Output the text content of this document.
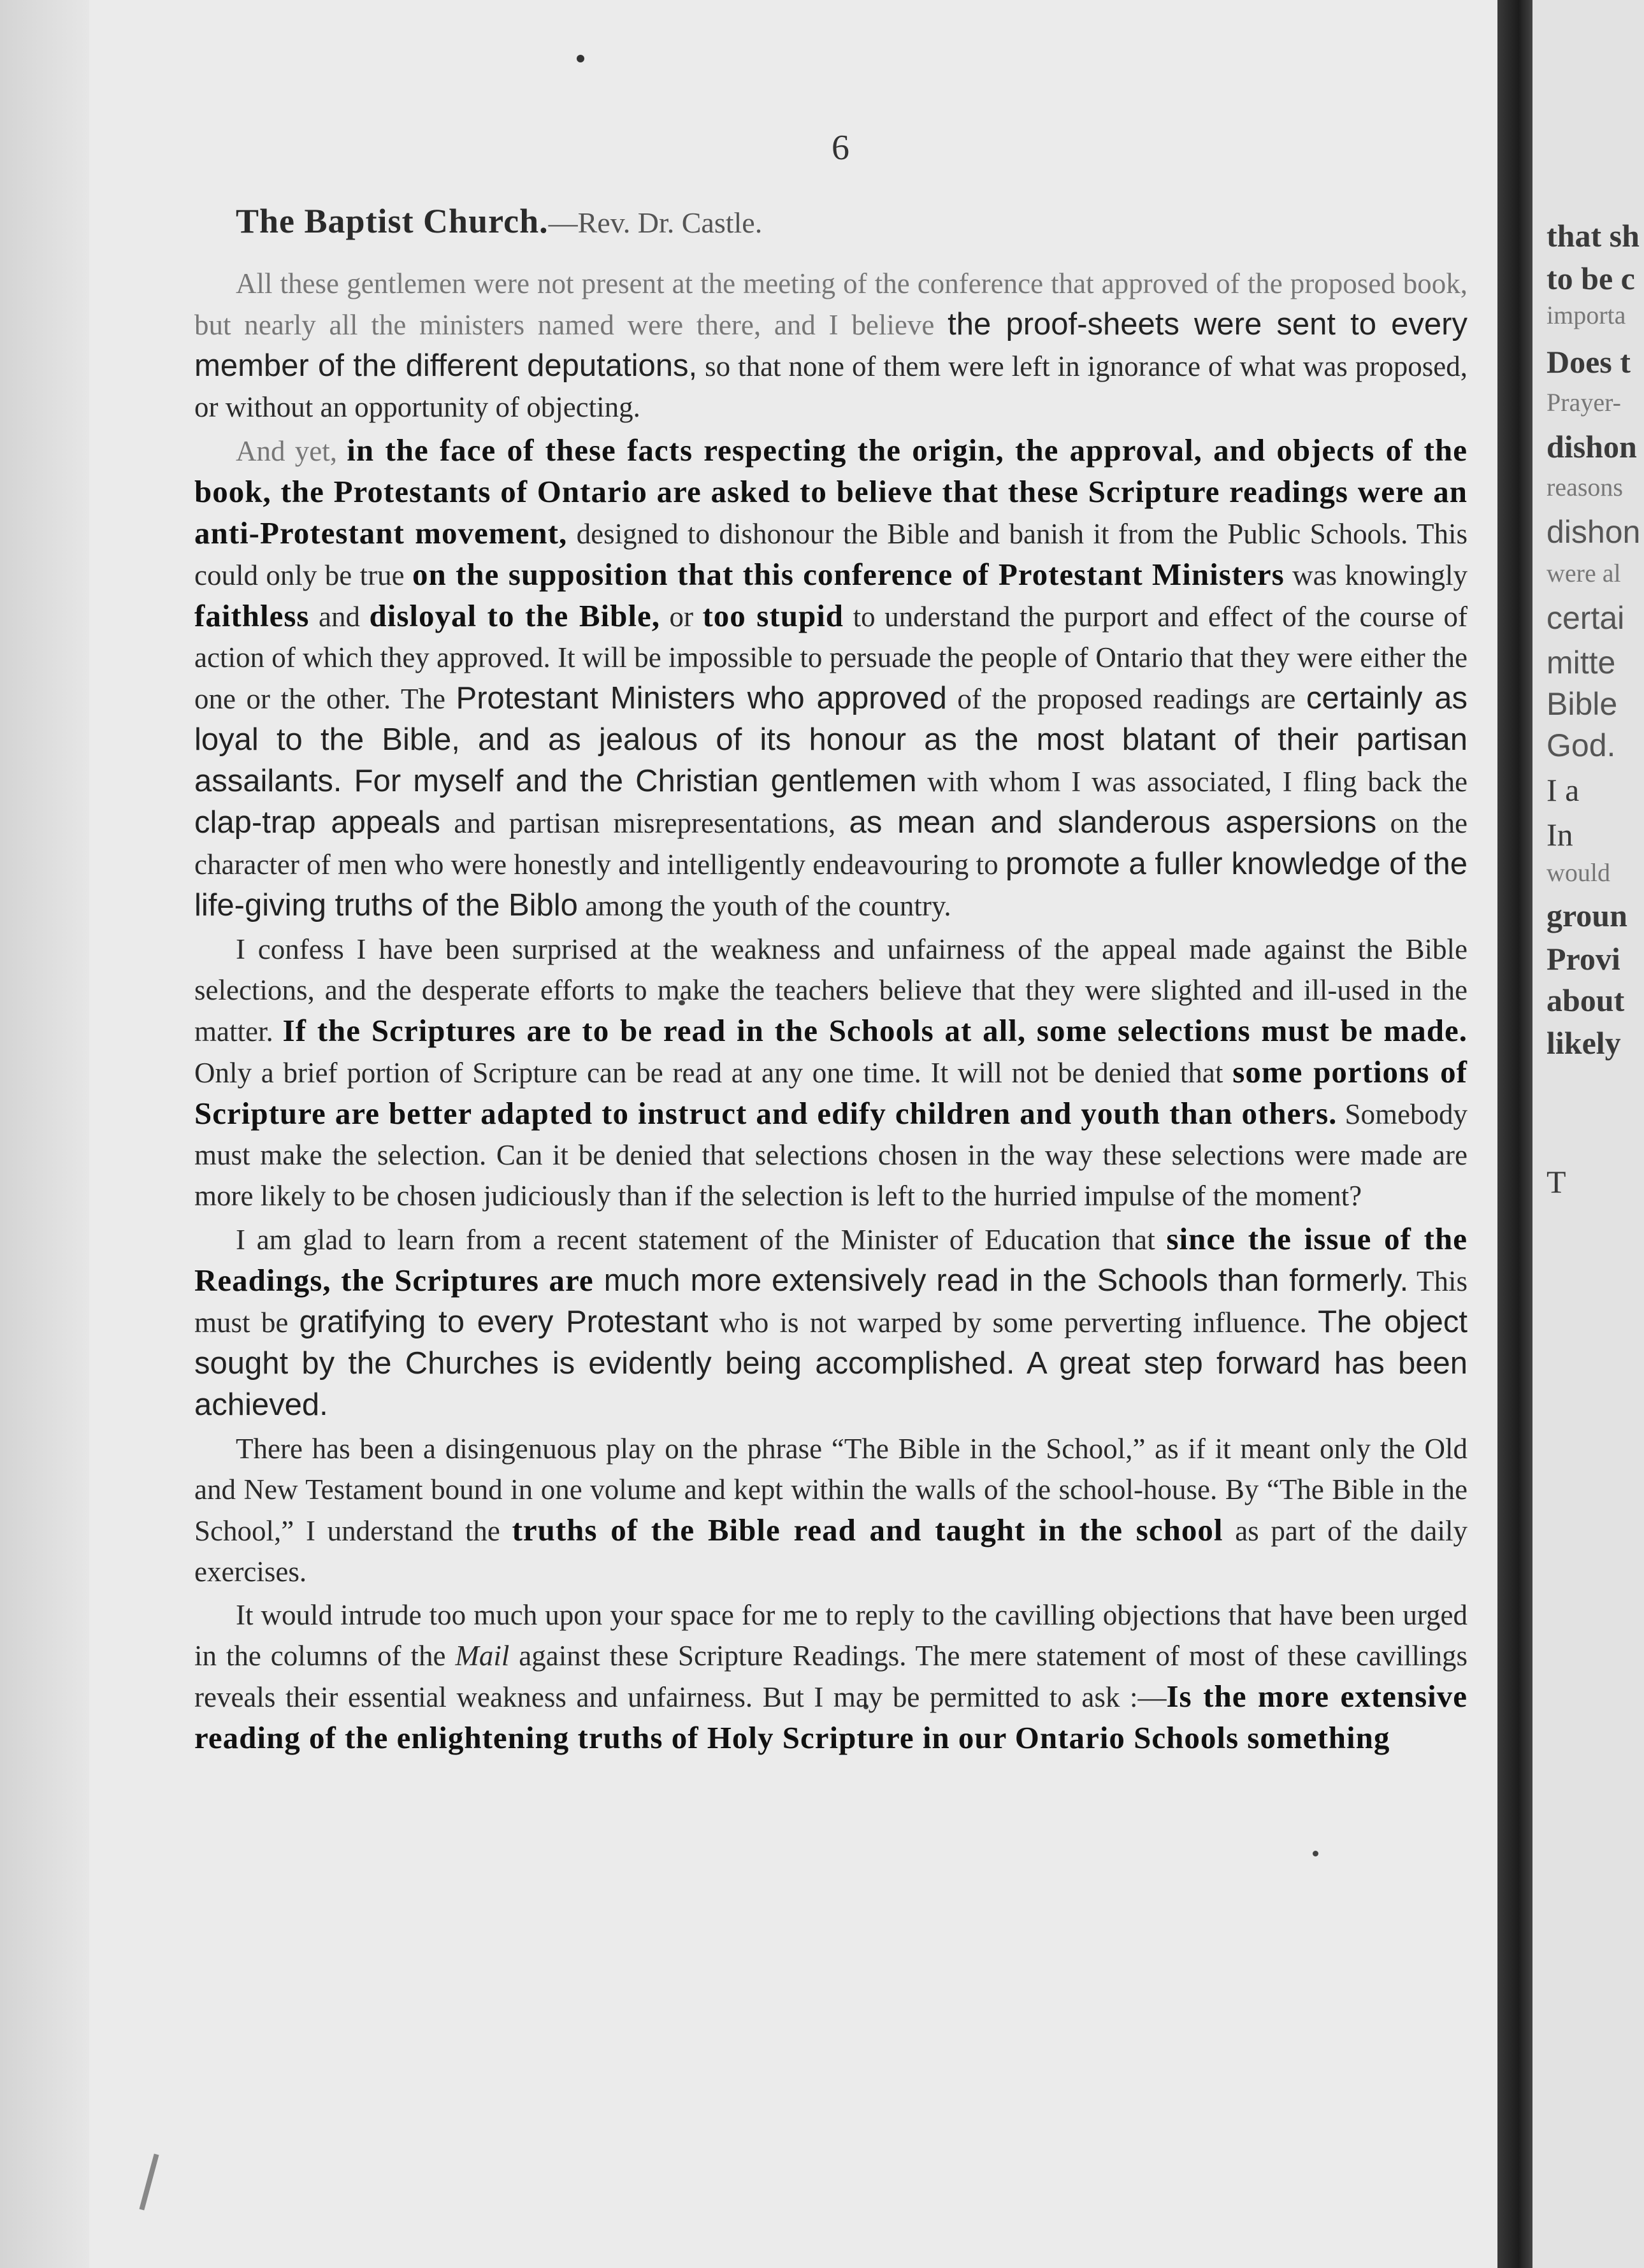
that sh
to be c
importa
Does t
Prayer-
dishon
reasons
dishon
were al
certai
mitte
Bible
God.
I a
In
would
groun
Provi
about
likely
T
6
The Baptist Church.—Rev. Dr. Castle.

All these gentlemen were not present at the meeting of the conference that approved of the proposed book, but nearly all the ministers named were there, and I believe the proof-sheets were sent to every member of the different deputations, so that none of them were left in ignorance of what was proposed, or without an opportunity of objecting.

And yet, in the face of these facts respecting the origin, the approval, and objects of the book, the Protestants of Ontario are asked to believe that these Scripture readings were an anti-Protestant movement, designed to dishonour the Bible and banish it from the Public Schools. This could only be true on the supposition that this conference of Protestant Ministers was knowingly faithless and disloyal to the Bible, or too stupid to understand the purport and effect of the course of action of which they approved. It will be impossible to persuade the people of Ontario that they were either the one or the other. The Protestant Ministers who approved of the proposed readings are certainly as loyal to the Bible, and as jealous of its honour as the most blatant of their partisan assailants. For myself and the Christian gentlemen with whom I was associated, I fling back the clap-trap appeals and partisan misrepresentations, as mean and slanderous aspersions on the character of men who were honestly and intelligently endeavouring to promote a fuller knowledge of the life-giving truths of the Biblo among the youth of the country.

I confess I have been surprised at the weakness and unfairness of the appeal made against the Bible selections, and the desperate efforts to make the teachers believe that they were slighted and ill-used in the matter. If the Scriptures are to be read in the Schools at all, some selections must be made. Only a brief portion of Scripture can be read at any one time. It will not be denied that some portions of Scripture are better adapted to instruct and edify children and youth than others. Somebody must make the selection. Can it be denied that selections chosen in the way these selections were made are more likely to be chosen judiciously than if the selection is left to the hurried impulse of the moment?

I am glad to learn from a recent statement of the Minister of Education that since the issue of the Readings, the Scriptures are much more extensively read in the Schools than formerly. This must be gratifying to every Protestant who is not warped by some perverting influence. The object sought by the Churches is evidently being accomplished. A great step forward has been achieved.

There has been a disingenuous play on the phrase “The Bible in the School,” as if it meant only the Old and New Testament bound in one volume and kept within the walls of the school-house. By “The Bible in the School,” I understand the truths of the Bible read and taught in the school as part of the daily exercises.

It would intrude too much upon your space for me to reply to the cavilling objections that have been urged in the columns of the Mail against these Scripture Readings. The mere statement of most of these cavillings reveals their essential weakness and unfairness. But I may be permitted to ask :—Is the more extensive reading of the enlightening truths of Holy Scripture in our Ontario Schools something
